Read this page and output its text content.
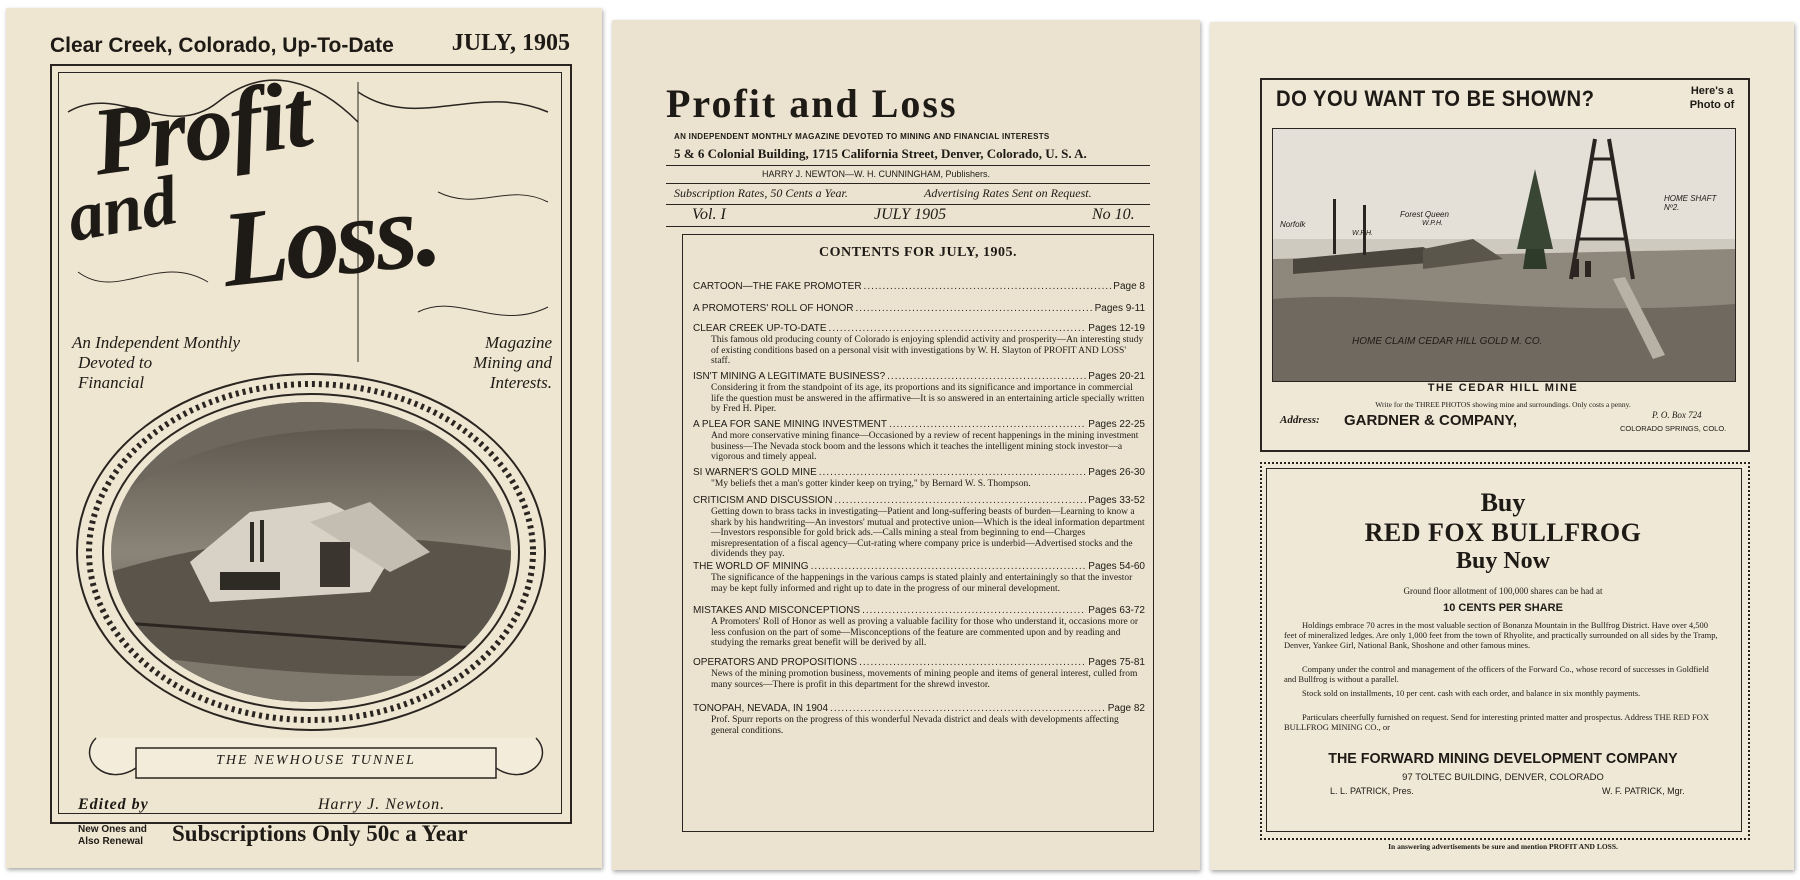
Clear Creek, Colorado, Up-To-Date JULY, 1905
Profit
and Loss.
An Independent Monthly
Devoted to
Financial
Magazine
Mining and
Interests.
THE NEWHOUSE TUNNEL
Edited by	Harry J. Newton.
New Ones and
Also Renewal Subscriptions Only 50c a Year
Profit and Loss
AN INDEPENDENT MONTHLY MAGAZINE DEVOTED TO MINING AND FINANCIAL INTERESTS
5 & 6 Colonial Building, 1715 California Street, Denver, Colorado, U. S. A.
HARRY J. NEWTON—W. H. CUNNINGHAM, Publishers.
Subscription Rates, 50 Cents a Year.	Advertising Rates Sent on Request.
Vol. I	JULY 1905	No 10.
CONTENTS FOR JULY, 1905.
CARTOON—THE FAKE PROMOTER .....	Page 8
A PROMOTERS' ROLL OF HONOR .....	Pages 9-11
CLEAR CREEK UP-TO-DATE .....	Pages 12-19
This famous old producing county of Colorado is enjoying splendid activity and prosperity—An interesting study of existing conditions based on a personal visit with investigations by W. H. Slayton of PROFIT AND LOSS' staff.
ISN'T MINING A LEGITIMATE BUSINESS? .....	Pages 20-21
Considering it from the standpoint of its age, its proportions and its significance and importance in commercial life the question must be answered in the affirmative—It is so answered in an entertaining article specially written by Fred H. Piper.
A PLEA FOR SANE MINING INVESTMENT .....	Pages 22-25
And more conservative mining finance—Occasioned by a review of recent happenings in the mining investment business—The Nevada stock boom and the lessons which it teaches the intelligent mining stock investor—a vigorous and timely appeal.
SI WARNER'S GOLD MINE .....	Pages 26-30
"My beliefs thet a man's gotter kinder keep on trying," by Bernard W. S. Thompson.
CRITICISM AND DISCUSSION .....	Pages 33-52
Getting down to brass tacks in investigating—Patient and long-suffering beasts of burden—Learning to know a shark by his handwriting—An investors' mutual and protective union—Which is the ideal information department—Investors responsible for gold brick ads.—Calls mining a steal from beginning to end—Charges misrepresentation of a fiscal agency—Cut-rating where company price is underbid—Advertised stocks and the dividends they pay.
THE WORLD OF MINING .....	Pages 54-60
The significance of the happenings in the various camps is stated plainly and entertainingly so that the investor may be kept fully informed and right up to date in the progress of our mineral development.
MISTAKES AND MISCONCEPTIONS .....	Pages 63-72
A Promoters' Roll of Honor as well as proving a valuable facility for those who understand it, occasions more or less confusion on the part of some—Misconceptions of the feature are commented upon and by reading and studying the remarks great benefit will be derived by all.
OPERATORS AND PROPOSITIONS .....	Pages 75-81
News of the mining promotion business, movements of mining people and items of general interest, culled from many sources—There is profit in this department for the shrewd investor.
TONOPAH, NEVADA, IN 1904 .....	Page 82
Prof. Spurr reports on the progress of this wonderful Nevada district and deals with developments affecting general conditions.
DO YOU WANT TO BE SHOWN?	Here's a
Photo of
Norfolk
Forest Queen
W.P.H.
W.P.H.
HOME SHAFT Nº2.
HOME CLAIM CEDAR HILL GOLD M. CO.
THE CEDAR HILL MINE
Write for the THREE PHOTOS showing mine and surroundings. Only costs a penny.
Address: GARDNER & COMPANY,	P. O. Box 724
COLORADO SPRINGS, COLO.
Buy
RED FOX BULLFROG
Buy Now
Ground floor allotment of 100,000 shares can be had at
10 CENTS PER SHARE
Holdings embrace 70 acres in the most valuable section of Bonanza Mountain in the Bullfrog District. Have over 4,500 feet of mineralized ledges. Are only 1,000 feet from the town of Rhyolite, and practically surrounded on all sides by the Tramp, Denver, Yankee Girl, National Bank, Shoshone and other famous mines.
Company under the control and management of the officers of the Forward Co., whose record of successes in Goldfield and Bullfrog is without a parallel.
Stock sold on installments, 10 per cent. cash with each order, and balance in six monthly payments.
Particulars cheerfully furnished on request. Send for interesting printed matter and prospectus. Address THE RED FOX BULLFROG MINING CO., or
THE FORWARD MINING DEVELOPMENT COMPANY
97 TOLTEC BUILDING, DENVER, COLORADO
L. L. PATRICK, Pres.	W. F. PATRICK, Mgr.
In answering advertisements be sure and mention PROFIT AND LOSS.
